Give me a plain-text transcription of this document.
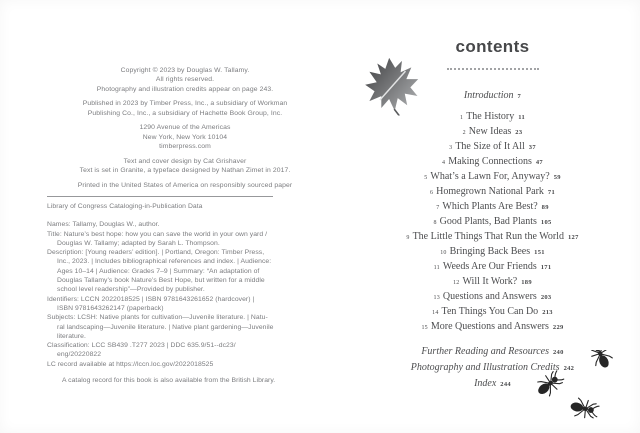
Copyright © 2023 by Douglas W. Tallamy.
All rights reserved.
Photography and illustration credits appear on page 243.
Published in 2023 by Timber Press, Inc., a subsidiary of Workman
Publishing Co., Inc., a subsidiary of Hachette Book Group, Inc.
1290 Avenue of the Americas
New York, New York 10104
timberpress.com
Text and cover design by Cat Grishaver
Text is set in Granite, a typeface designed by Nathan Zimet in 2017.
Printed in the United States of America on responsibly sourced paper
Library of Congress Cataloging-in-Publication Data
Names: Tallamy, Douglas W., author.
Title: Nature’s best hope: how you can save the world in your own yard /
Douglas W. Tallamy; adapted by Sarah L. Thompson.
Description: [Young readers’ edition]. | Portland, Oregon: Timber Press,
Inc., 2023. | Includes bibliographical references and index. | Audience:
Ages 10–14 | Audience: Grades 7–9 | Summary: “An adaptation of
Douglas Tallamy’s book Nature’s Best Hope, but written for a middle
school level readership”—Provided by publisher.
Identifiers: LCCN 2022018525 | ISBN 9781643261652 (hardcover) |
ISBN 9781643262147 (paperback)
Subjects: LCSH: Native plants for cultivation—Juvenile literature. | Natu-
ral landscaping—Juvenile literature. | Native plant gardening—Juvenile
literature.
Classification: LCC SB439 .T277 2023 | DDC 635.9/51--dc23/
eng/20220822
LC record available at https://lccn.loc.gov/2022018525
A catalog record for this book is also available from the British Library.
contents
Introduction 7
1 The History 11
2 New Ideas 23
3 The Size of It All 37
4 Making Connections 47
5 What’s a Lawn For, Anyway? 59
6 Homegrown National Park 71
7 Which Plants Are Best? 89
8 Good Plants, Bad Plants 105
9 The Little Things That Run the World 127
10 Bringing Back Bees 151
11 Weeds Are Our Friends 171
12 Will It Work? 189
13 Questions and Answers 203
14 Ten Things You Can Do 213
15 More Questions and Answers 229
Further Reading and Resources 240
Photography and Illustration Credits 242
Index 244
